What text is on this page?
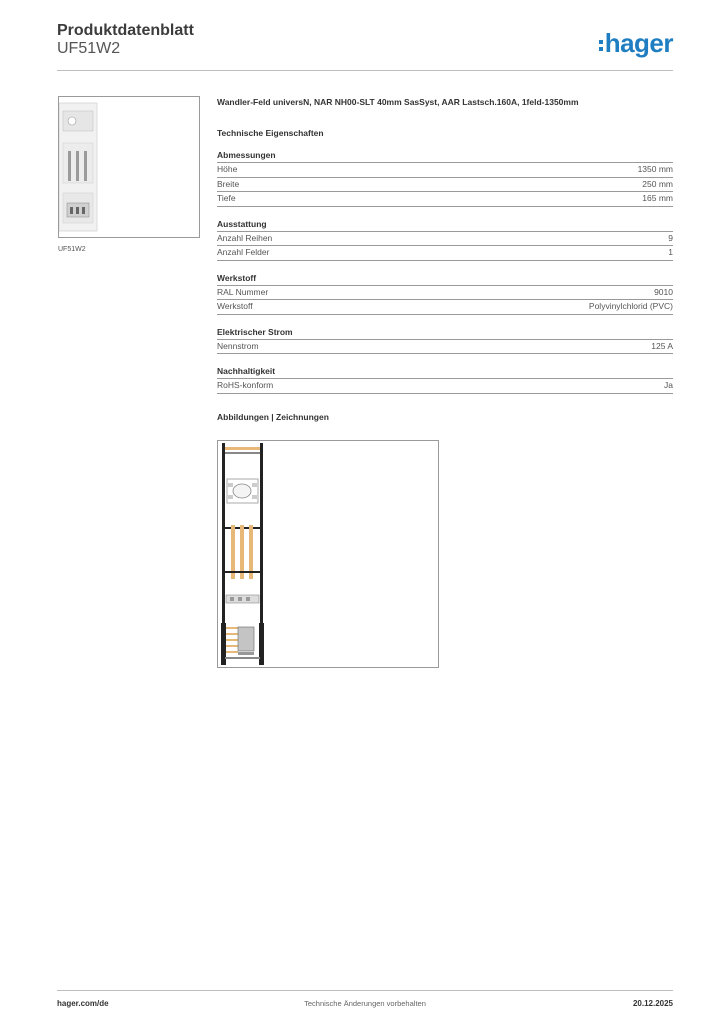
Produktdatenblatt
UF51W2	hager
UF51W2
Wandler-Feld universN, NAR NH00-SLT 40mm SasSyst, AAR Lastsch.160A, 1feld-1350mm
Technische Eigenschaften
Abmessungen
Höhe	1350 mm
Breite	250 mm
Tiefe	165 mm
Ausstattung
Anzahl Reihen	9
Anzahl Felder	1
Werkstoff
RAL Nummer	9010
Werkstoff	Polyvinylchlorid (PVC)
Elektrischer Strom
Nennstrom	125 A
Nachhaltigkeit
RoHS-konform	Ja
Abbildungen | Zeichnungen
hager.com/de	Technische Änderungen vorbehalten	20.12.2025
